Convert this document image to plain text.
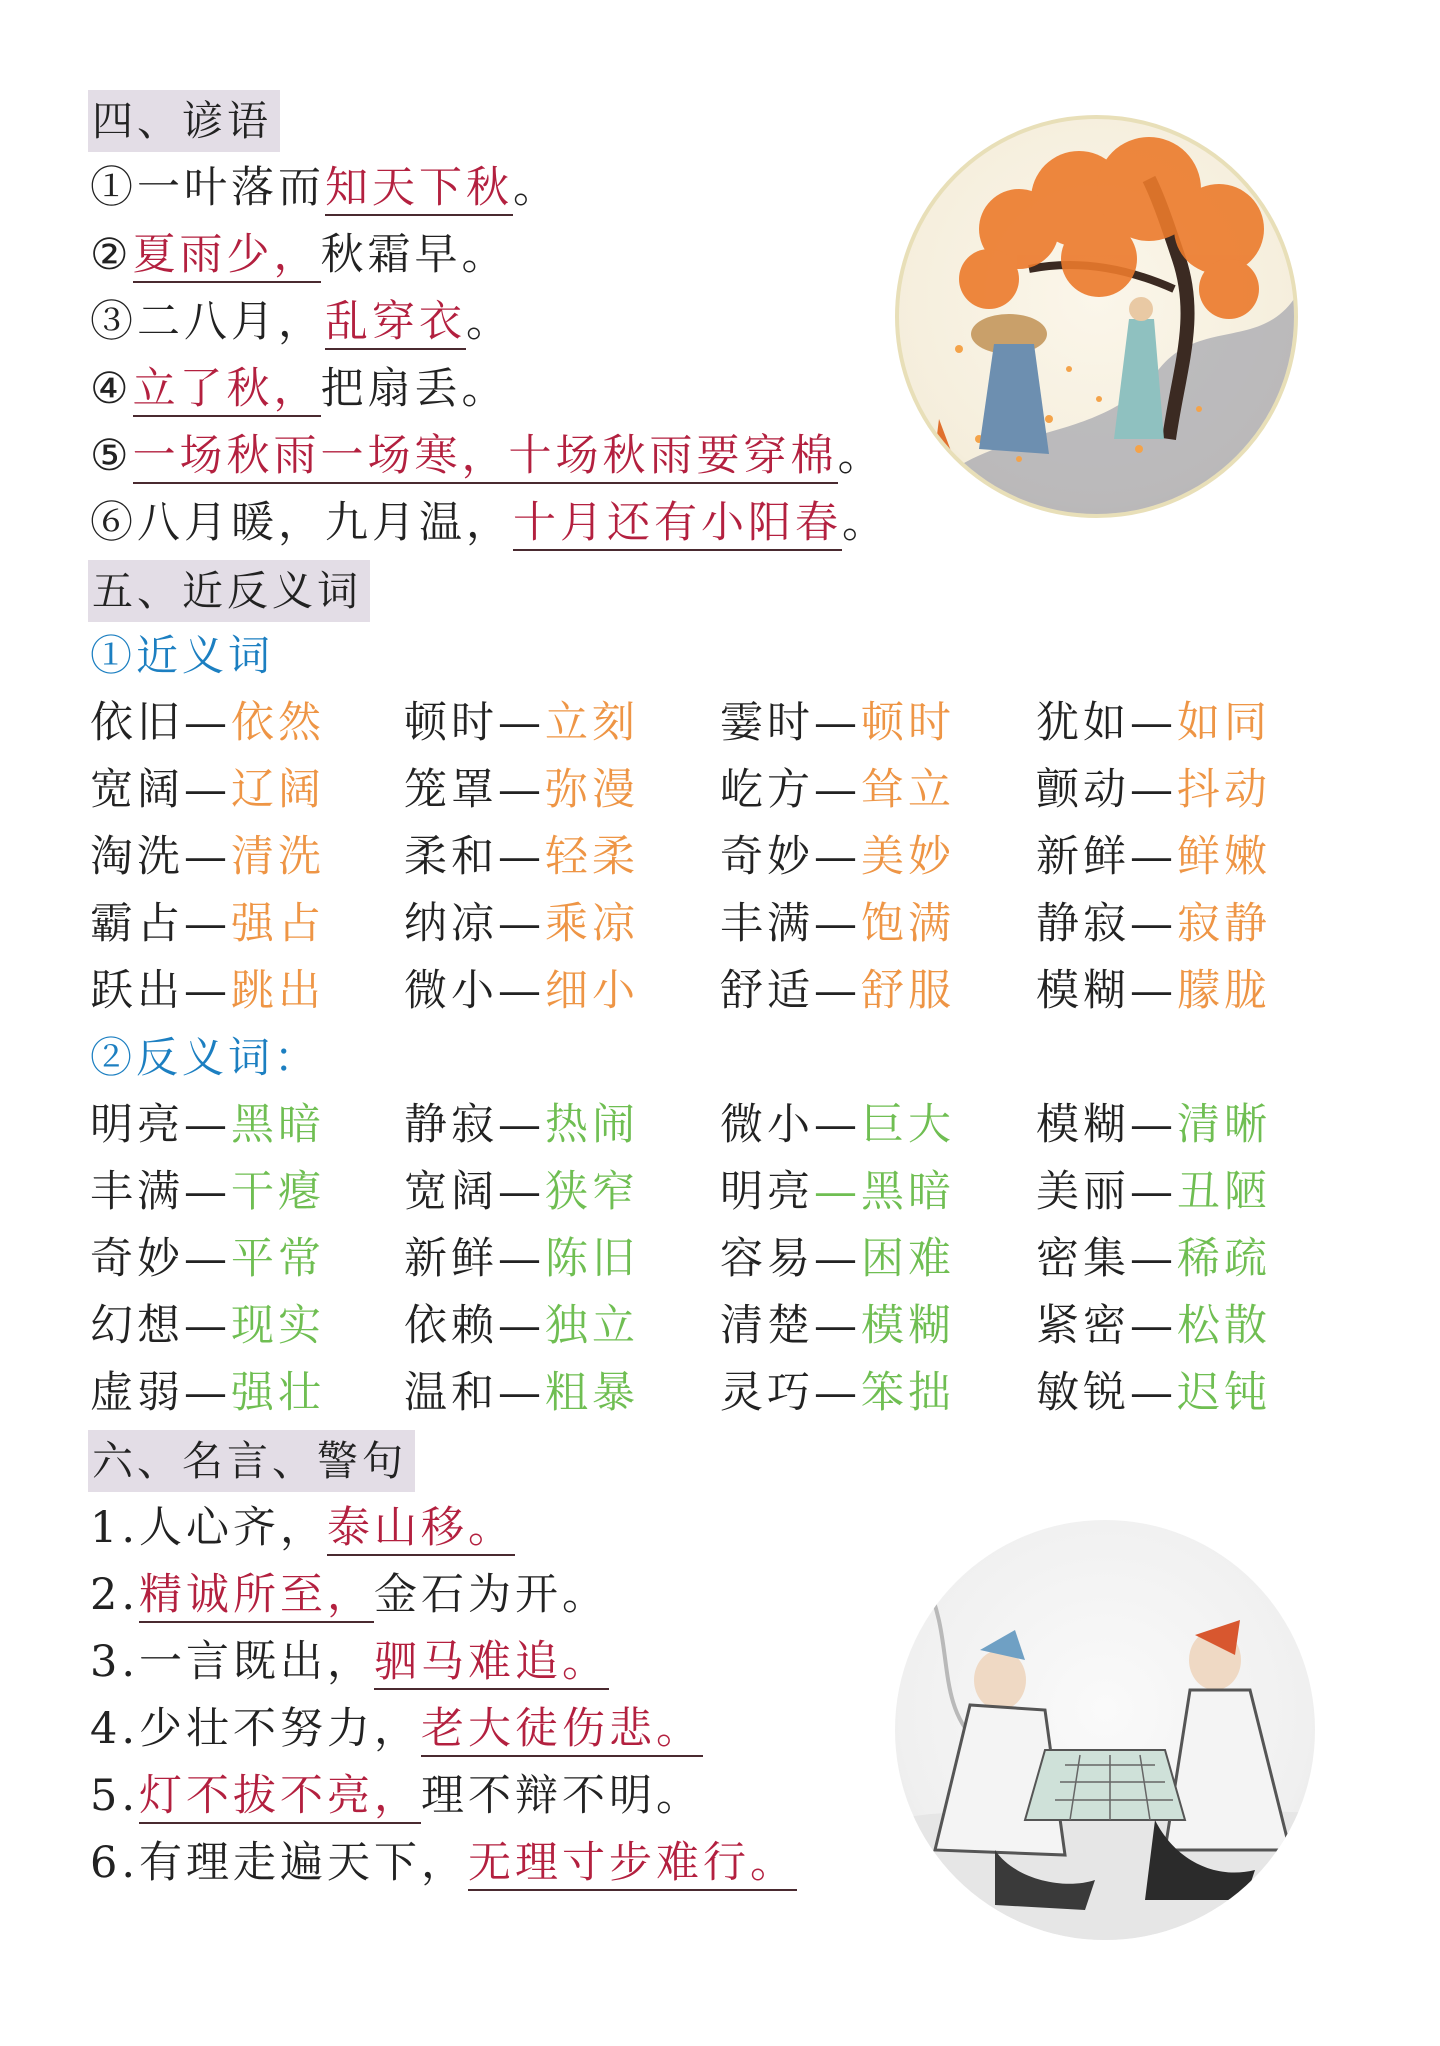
四、谚语
①一叶落而知天下秋。
②夏雨少，秋霜早。
③二八月，乱穿衣。
④立了秋，把扇丢。
⑤一场秋雨一场寒，十场秋雨要穿棉。
⑥八月暖，九月温，十月还有小阳春。
五、近反义词
①近义词
依旧—依然 顿时—立刻 霎时—顿时 犹如—如同
宽阔—辽阔 笼罩—弥漫 屹方—耸立 颤动—抖动
淘洗—清洗 柔和—轻柔 奇妙—美妙 新鲜—鲜嫩
霸占—强占 纳凉—乘凉 丰满—饱满 静寂—寂静
跃出—跳出 微小—细小 舒适—舒服 模糊—朦胧
②反义词：
明亮—黑暗 静寂—热闹 微小—巨大 模糊—清晰
丰满—干瘪 宽阔—狭窄 明亮—黑暗 美丽—丑陋
奇妙—平常 新鲜—陈旧 容易—困难 密集—稀疏
幻想—现实 依赖—独立 清楚—模糊 紧密—松散
虚弱—强壮 温和—粗暴 灵巧—笨拙 敏锐—迟钝
六、名言、警句
1.人心齐，泰山移。
2.精诚所至，金石为开。
3.一言既出，驷马难追。
4.少壮不努力，老大徒伤悲。
5.灯不拔不亮，理不辩不明。
6.有理走遍天下，无理寸步难行。
